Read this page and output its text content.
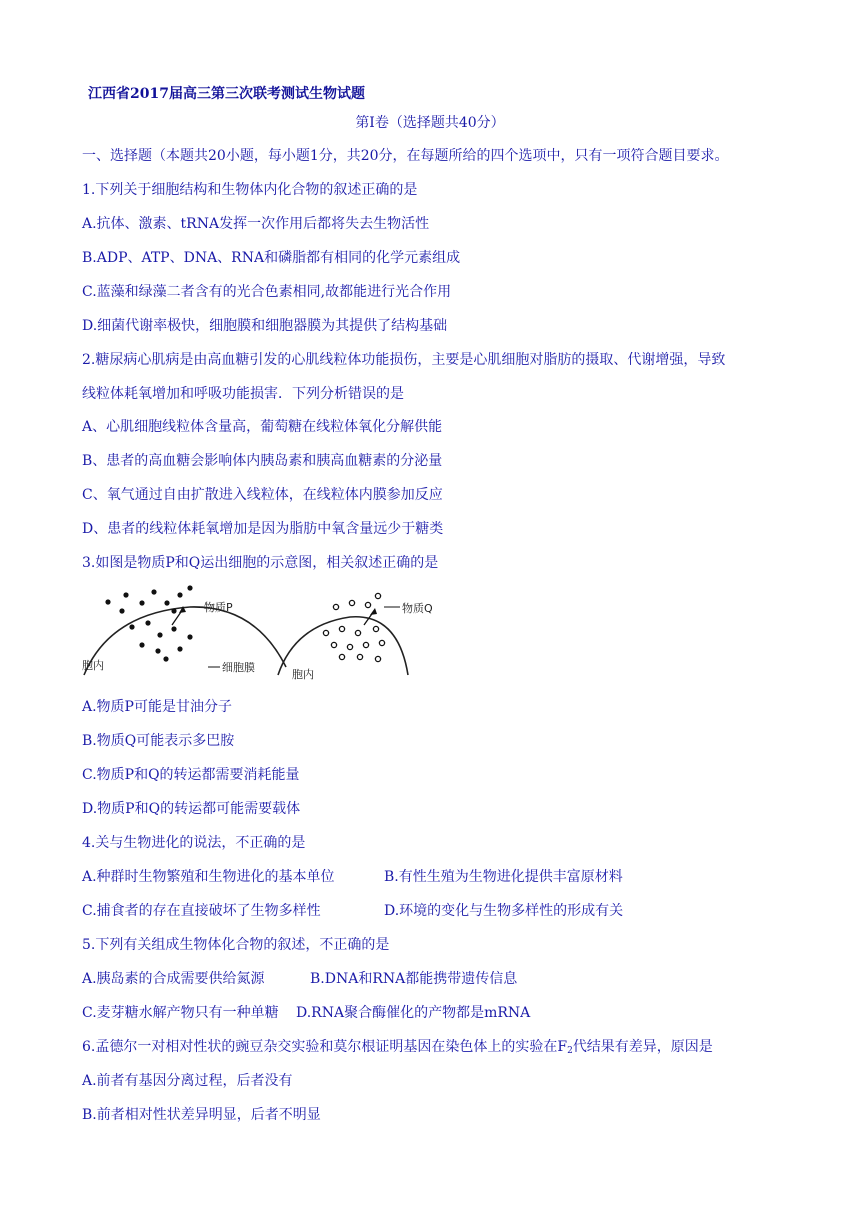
江西省2017届高三第三次联考测试生物试题
第Ⅰ卷（选择题共40分）
一、选择题（本题共20小题，每小题1分，共20分，在每题所给的四个选项中，只有一项符合题目要求。
1.下列关于细胞结构和生物体内化合物的叙述正确的是
A.抗体、激素、tRNA发挥一次作用后都将失去生物活性
B.ADP、ATP、DNA、RNA和磷脂都有相同的化学元素组成
C.蓝藻和绿藻二者含有的光合色素相同,故都能进行光合作用
D.细菌代谢率极快，细胞膜和细胞器膜为其提供了结构基础
2.糖尿病心肌病是由高血糖引发的心肌线粒体功能损伤，主要是心肌细胞对脂肪的摄取、代谢增强，导致
线粒体耗氧增加和呼吸功能损害．下列分析错误的是
A、心肌细胞线粒体含量高，葡萄糖在线粒体氧化分解供能
B、患者的高血糖会影响体内胰岛素和胰高血糖素的分泌量
C、氧气通过自由扩散进入线粒体，在线粒体内膜参加反应
D、患者的线粒体耗氧增加是因为脂肪中氧含量远少于糖类
3.如图是物质P和Q运出细胞的示意图，相关叙述正确的是
物质P	物质Q
细胞膜
胞内
胞内
A.物质P可能是甘油分子
B.物质Q可能表示多巴胺
C.物质P和Q的转运都需要消耗能量
D.物质P和Q的转运都可能需要载体
4.关与生物进化的说法，不正确的是
A.种群时生物繁殖和生物进化的基本单位	B.有性生殖为生物进化提供丰富原材料
C.捕食者的存在直接破坏了生物多样性	D.环境的变化与生物多样性的形成有关
5.下列有关组成生物体化合物的叙述，不正确的是
A.胰岛素的合成需要供给氮源	B.DNA和RNA都能携带遗传信息
C.麦芽糖水解产物只有一种单糖 D.RNA聚合酶催化的产物都是mRNA
6.孟德尔一对相对性状的豌豆杂交实验和莫尔根证明基因在染色体上的实验在$F_2$代结果有差异，原因是
A.前者有基因分离过程，后者没有
B.前者相对性状差异明显，后者不明显
